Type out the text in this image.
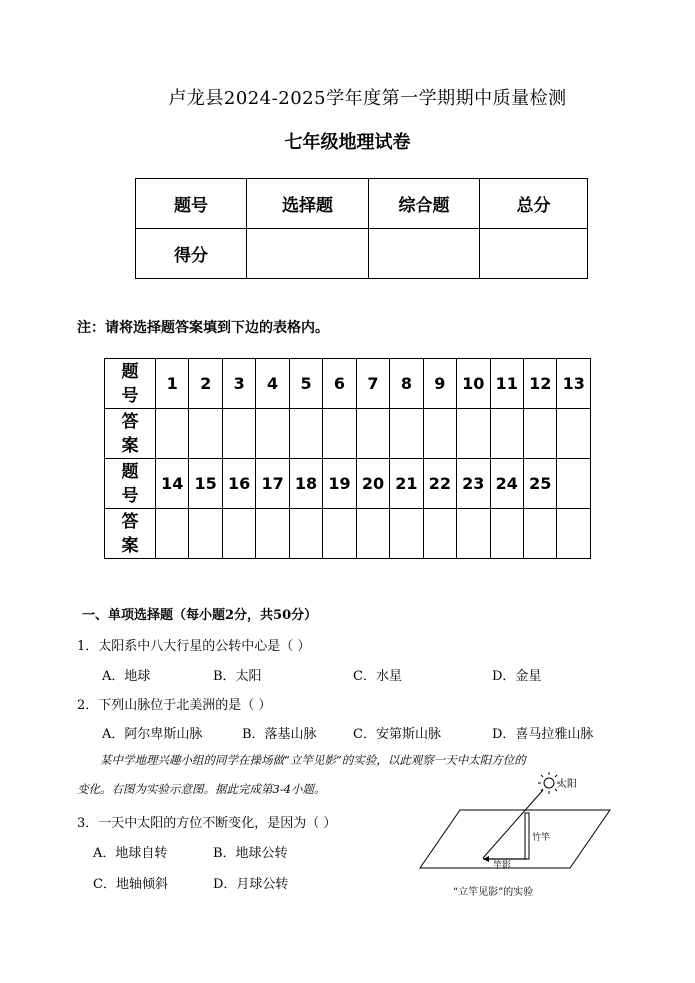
卢龙县2024-2025学年度第一学期期中质量检测
七年级地理试卷
题号	选择题	综合题	总分
得分			
注：请将选择题答案填到下边的表格内。
题
号	1	2	3	4	5	6	7	8	9	10	11	12	13

答
案													

题
号	14	15	16	17	18	19	20	21	22	23	24	25	

答
案													

一、单项选择题（每小题2分，共50分）
1．太阳系中八大行星的公转中心是（ ）
A．地球	B．太阳	C．水星	D．金星
2．下列山脉位于北美洲的是（ ）
A．阿尔卑斯山脉	B．落基山脉	C．安第斯山脉	D．喜马拉雅山脉
某中学地理兴趣小组的同学在操场做“立竿见影”的实验，以此观察一天中太阳方位的
变化。右图为实验示意图。据此完成第3-4小题。
3．一天中太阳的方位不断变化，是因为（ ）
A．地球自转	B．地球公转
C．地轴倾斜	D．月球公转
太阳
竹竿
竿影
“立竿见影”的实验
